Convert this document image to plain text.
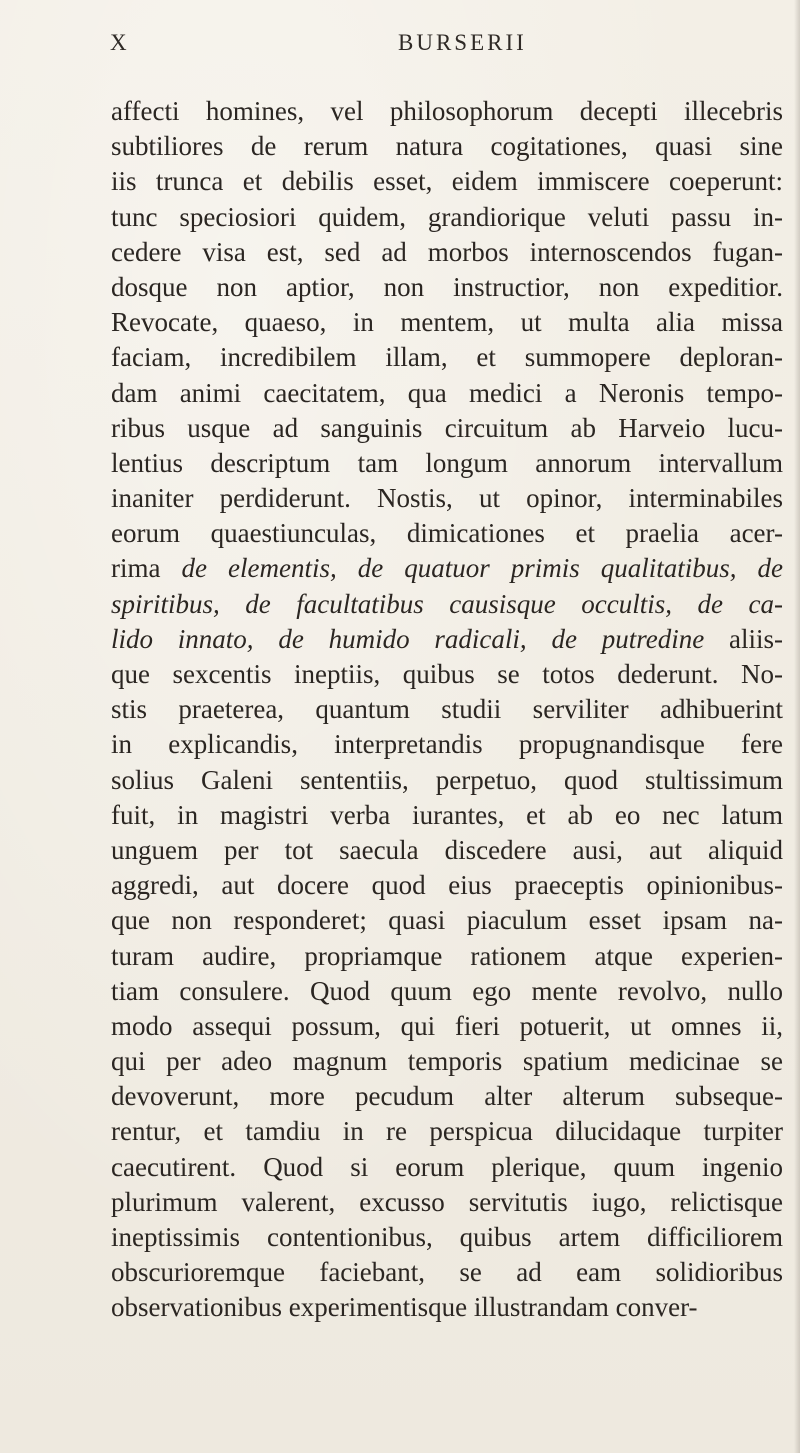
X	BURSERII
affecti homines, vel philosophorum decepti illecebris
subtiliores de rerum natura cogitationes, quasi sine
iis trunca et debilis esset, eidem immiscere coeperunt:
tunc speciosiori quidem, grandiorique veluti passu in-
cedere visa est, sed ad morbos internoscendos fugan-
dosque non aptior, non instructior, non expeditior.
Revocate, quaeso, in mentem, ut multa alia missa
faciam, incredibilem illam, et summopere deploran-
dam animi caecitatem, qua medici a Neronis tempo-
ribus usque ad sanguinis circuitum ab Harveio lucu-
lentius descriptum tam longum annorum intervallum
inaniter perdiderunt. Nostis, ut opinor, interminabiles
eorum quaestiunculas, dimicationes et praelia acer-
rima de elementis, de quatuor primis qualitatibus, de
spiritibus, de facultatibus causisque occultis, de ca-
lido innato, de humido radicali, de putredine aliis-
que sexcentis ineptiis, quibus se totos dederunt. No-
stis praeterea, quantum studii serviliter adhibuerint
in explicandis, interpretandis propugnandisque fere
solius Galeni sententiis, perpetuo, quod stultissimum
fuit, in magistri verba iurantes, et ab eo nec latum
unguem per tot saecula discedere ausi, aut aliquid
aggredi, aut docere quod eius praeceptis opinionibus-
que non responderet; quasi piaculum esset ipsam na-
turam audire, propriamque rationem atque experien-
tiam consulere. Quod quum ego mente revolvo, nullo
modo assequi possum, qui fieri potuerit, ut omnes ii,
qui per adeo magnum temporis spatium medicinae se
devoverunt, more pecudum alter alterum subseque-
rentur, et tamdiu in re perspicua dilucidaque turpiter
caecutirent. Quod si eorum plerique, quum ingenio
plurimum valerent, excusso servitutis iugo, relictisque
ineptissimis contentionibus, quibus artem difficiliorem
obscurioremque faciebant, se ad eam solidioribus
observationibus experimentisque illustrandam conver-
